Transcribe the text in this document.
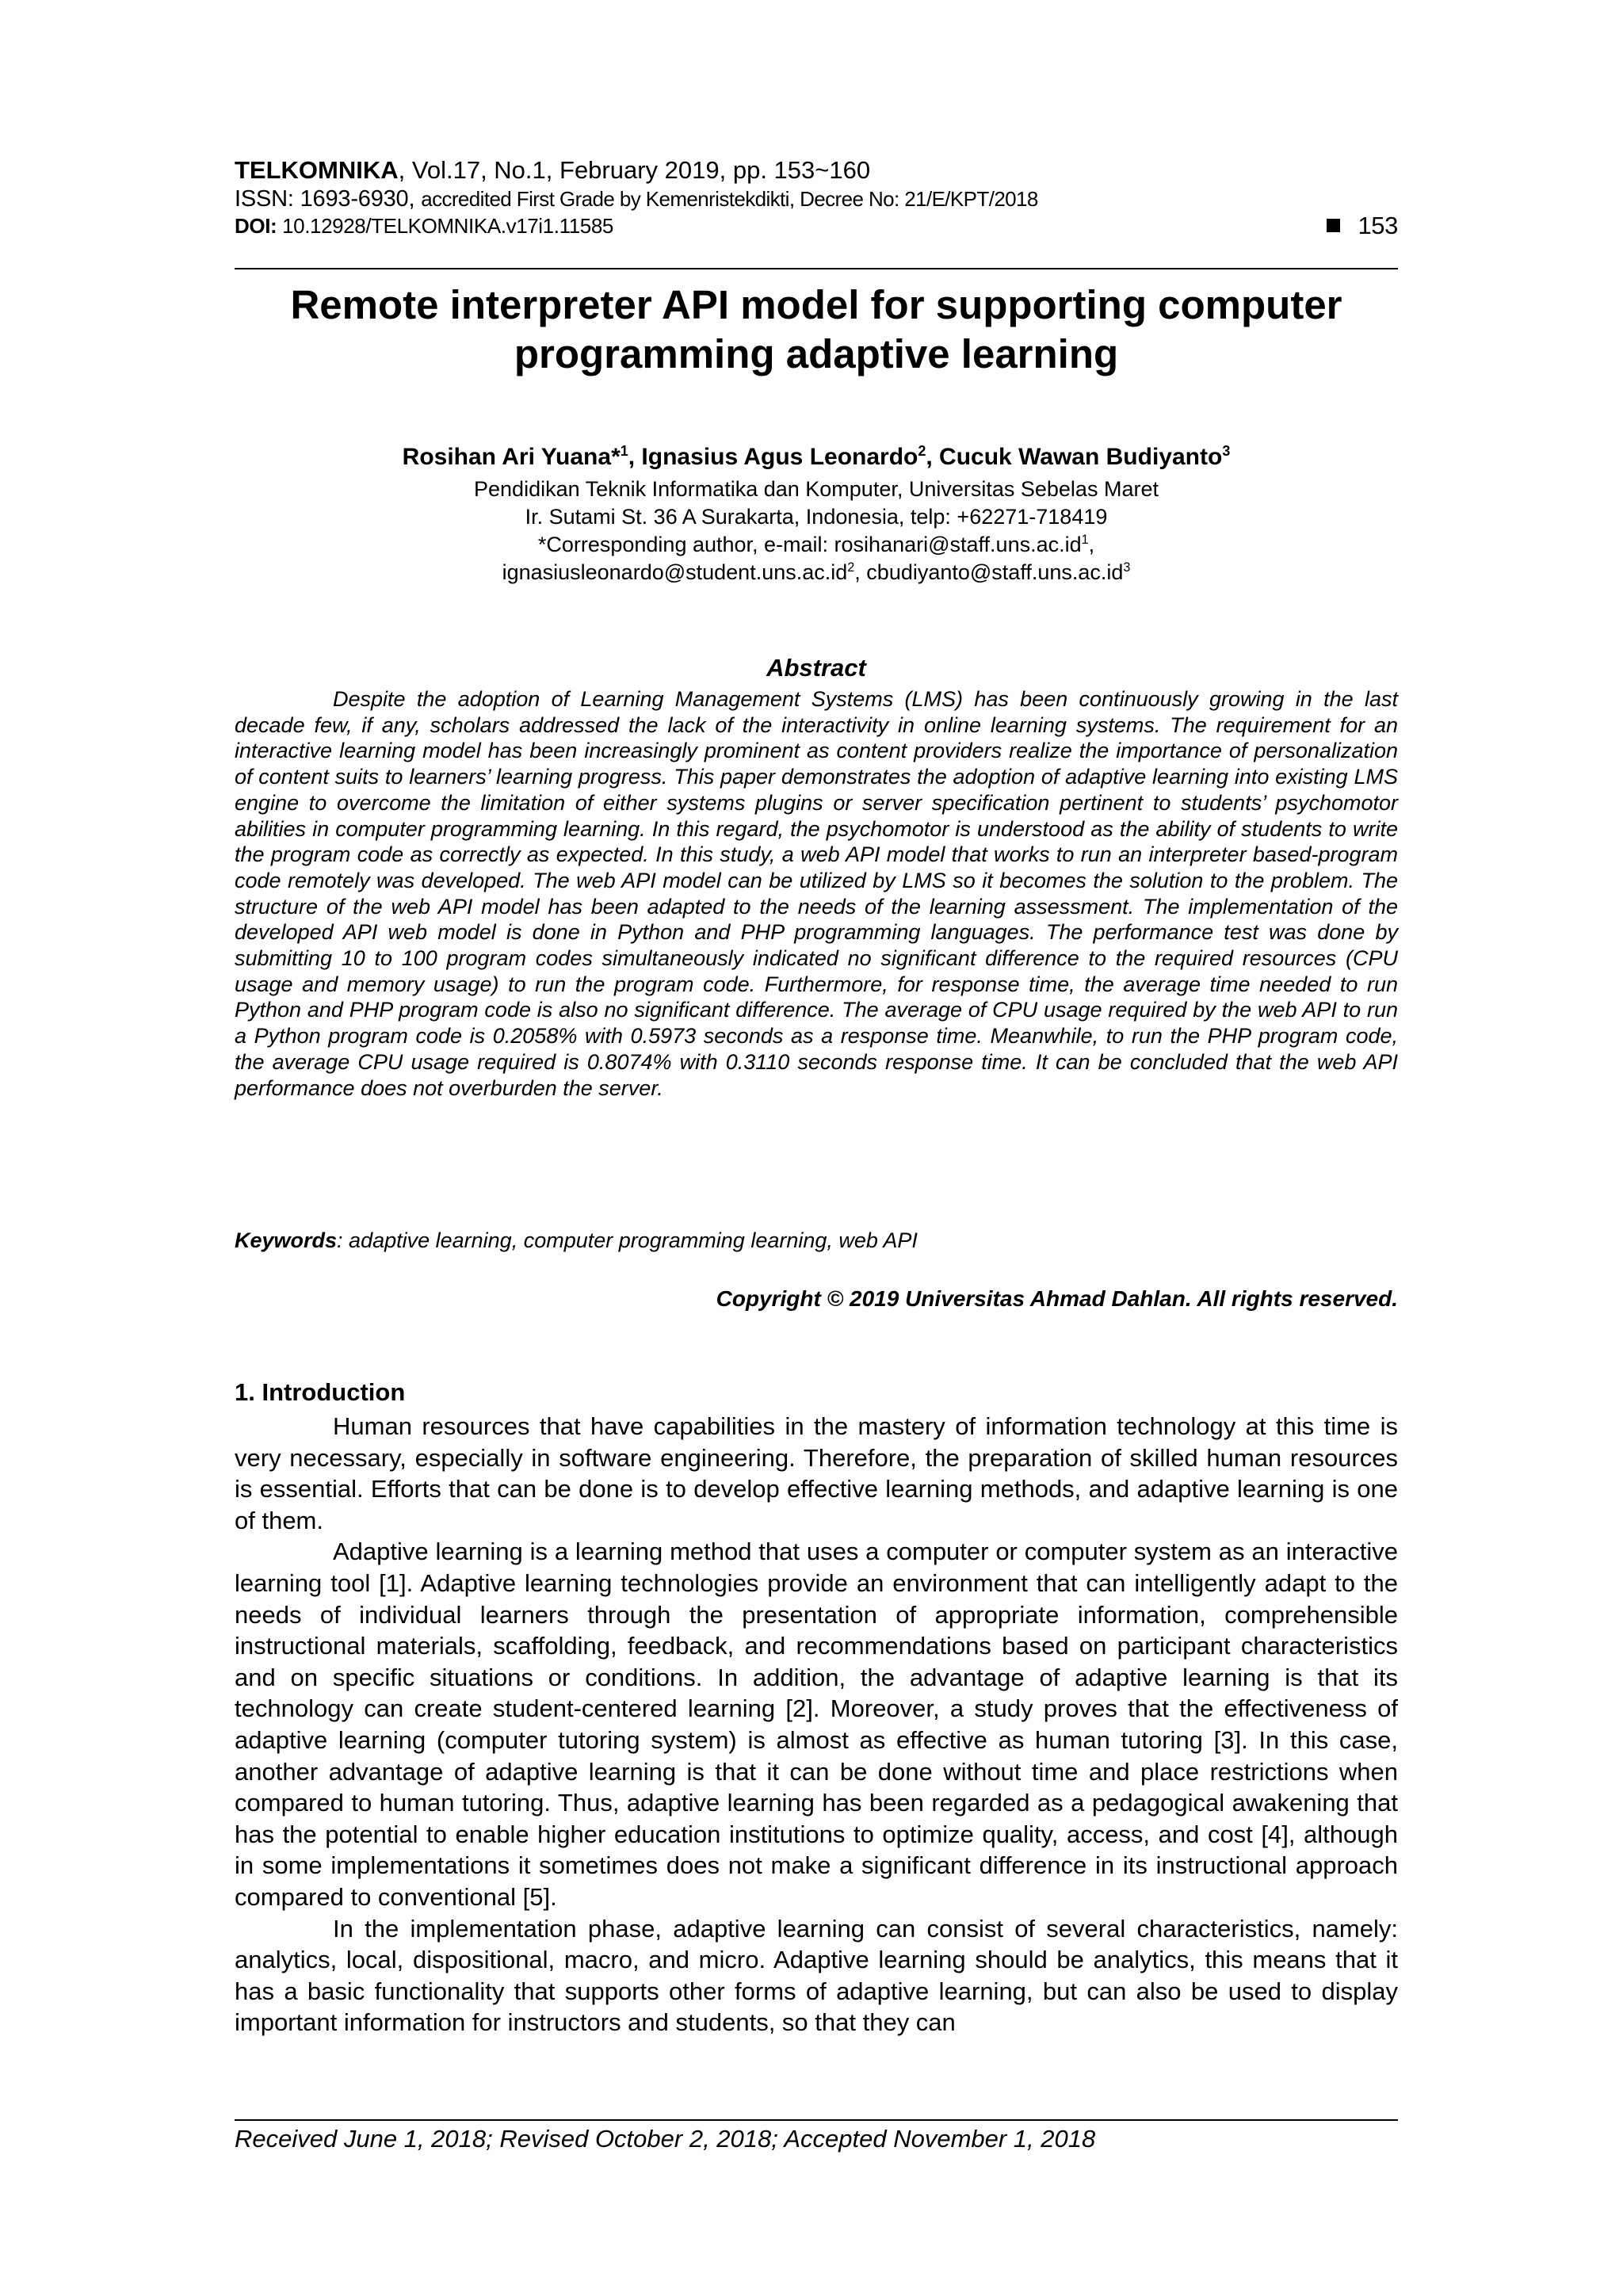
TELKOMNIKA, Vol.17, No.1, February 2019, pp. 153~160
ISSN: 1693-6930, accredited First Grade by Kemenristekdikti, Decree No: 21/E/KPT/2018
DOI: 10.12928/TELKOMNIKA.v17i1.11585	153
Remote interpreter API model for supporting computer
programming adaptive learning
Rosihan Ari Yuana*$^1$, Ignasius Agus Leonardo$^2$, Cucuk Wawan Budiyanto$^3$
Pendidikan Teknik Informatika dan Komputer, Universitas Sebelas Maret
Ir. Sutami St. 36 A Surakarta, Indonesia, telp: +62271-718419
*Corresponding author, e-mail: $rosihanari@staff.uns.ac.id^1$,
$ignasiusleonardo@student.uns.ac.id^2$, $cbudiyanto@staff.uns.ac.id^3$
Abstract
Despite the adoption of Learning Management Systems (LMS) has been continuously growing in the last decade few, if any, scholars addressed the lack of the interactivity in online learning systems. The requirement for an interactive learning model has been increasingly prominent as content providers realize the importance of personalization of content suits to learners’ learning progress. This paper demonstrates the adoption of adaptive learning into existing LMS engine to overcome the limitation of either systems plugins or server specification pertinent to students’ psychomotor abilities in computer programming learning. In this regard, the psychomotor is understood as the ability of students to write the program code as correctly as expected. In this study, a web API model that works to run an interpreter based-program code remotely was developed. The web API model can be utilized by LMS so it becomes the solution to the problem. The structure of the web API model has been adapted to the needs of the learning assessment. The implementation of the developed API web model is done in Python and PHP programming languages. The performance test was done by submitting 10 to 100 program codes simultaneously indicated no significant difference to the required resources (CPU usage and memory usage) to run the program code. Furthermore, for response time, the average time needed to run Python and PHP program code is also no significant difference. The average of CPU usage required by the web API to run a Python program code is 0.2058% with 0.5973 seconds as a response time. Meanwhile, to run the PHP program code, the average CPU usage required is 0.8074% with 0.3110 seconds response time. It can be concluded that the web API performance does not overburden the server.
Keywords: adaptive learning, computer programming learning, web API
Copyright © 2019 Universitas Ahmad Dahlan. All rights reserved.
1. Introduction

Human resources that have capabilities in the mastery of information technology at this time is very necessary, especially in software engineering. Therefore, the preparation of skilled human resources is essential. Efforts that can be done is to develop effective learning methods, and adaptive learning is one of them.

Adaptive learning is a learning method that uses a computer or computer system as an interactive learning tool [1]. Adaptive learning technologies provide an environment that can intelligently adapt to the needs of individual learners through the presentation of appropriate information, comprehensible instructional materials, scaffolding, feedback, and recommendations based on participant characteristics and on specific situations or conditions. In addition, the advantage of adaptive learning is that its technology can create student-centered learning [2]. Moreover, a study proves that the effectiveness of adaptive learning (computer tutoring system) is almost as effective as human tutoring [3]. In this case, another advantage of adaptive learning is that it can be done without time and place restrictions when compared to human tutoring. Thus, adaptive learning has been regarded as a pedagogical awakening that has the potential to enable higher education institutions to optimize quality, access, and cost [4], although in some implementations it sometimes does not make a significant difference in its instructional approach compared to conventional [5].

In the implementation phase, adaptive learning can consist of several characteristics, namely: analytics, local, dispositional, macro, and micro. Adaptive learning should be analytics, this means that it has a basic functionality that supports other forms of adaptive learning, but can also be used to display important information for instructors and students, so that they can

Received June 1, 2018; Revised October 2, 2018; Accepted November 1, 2018
